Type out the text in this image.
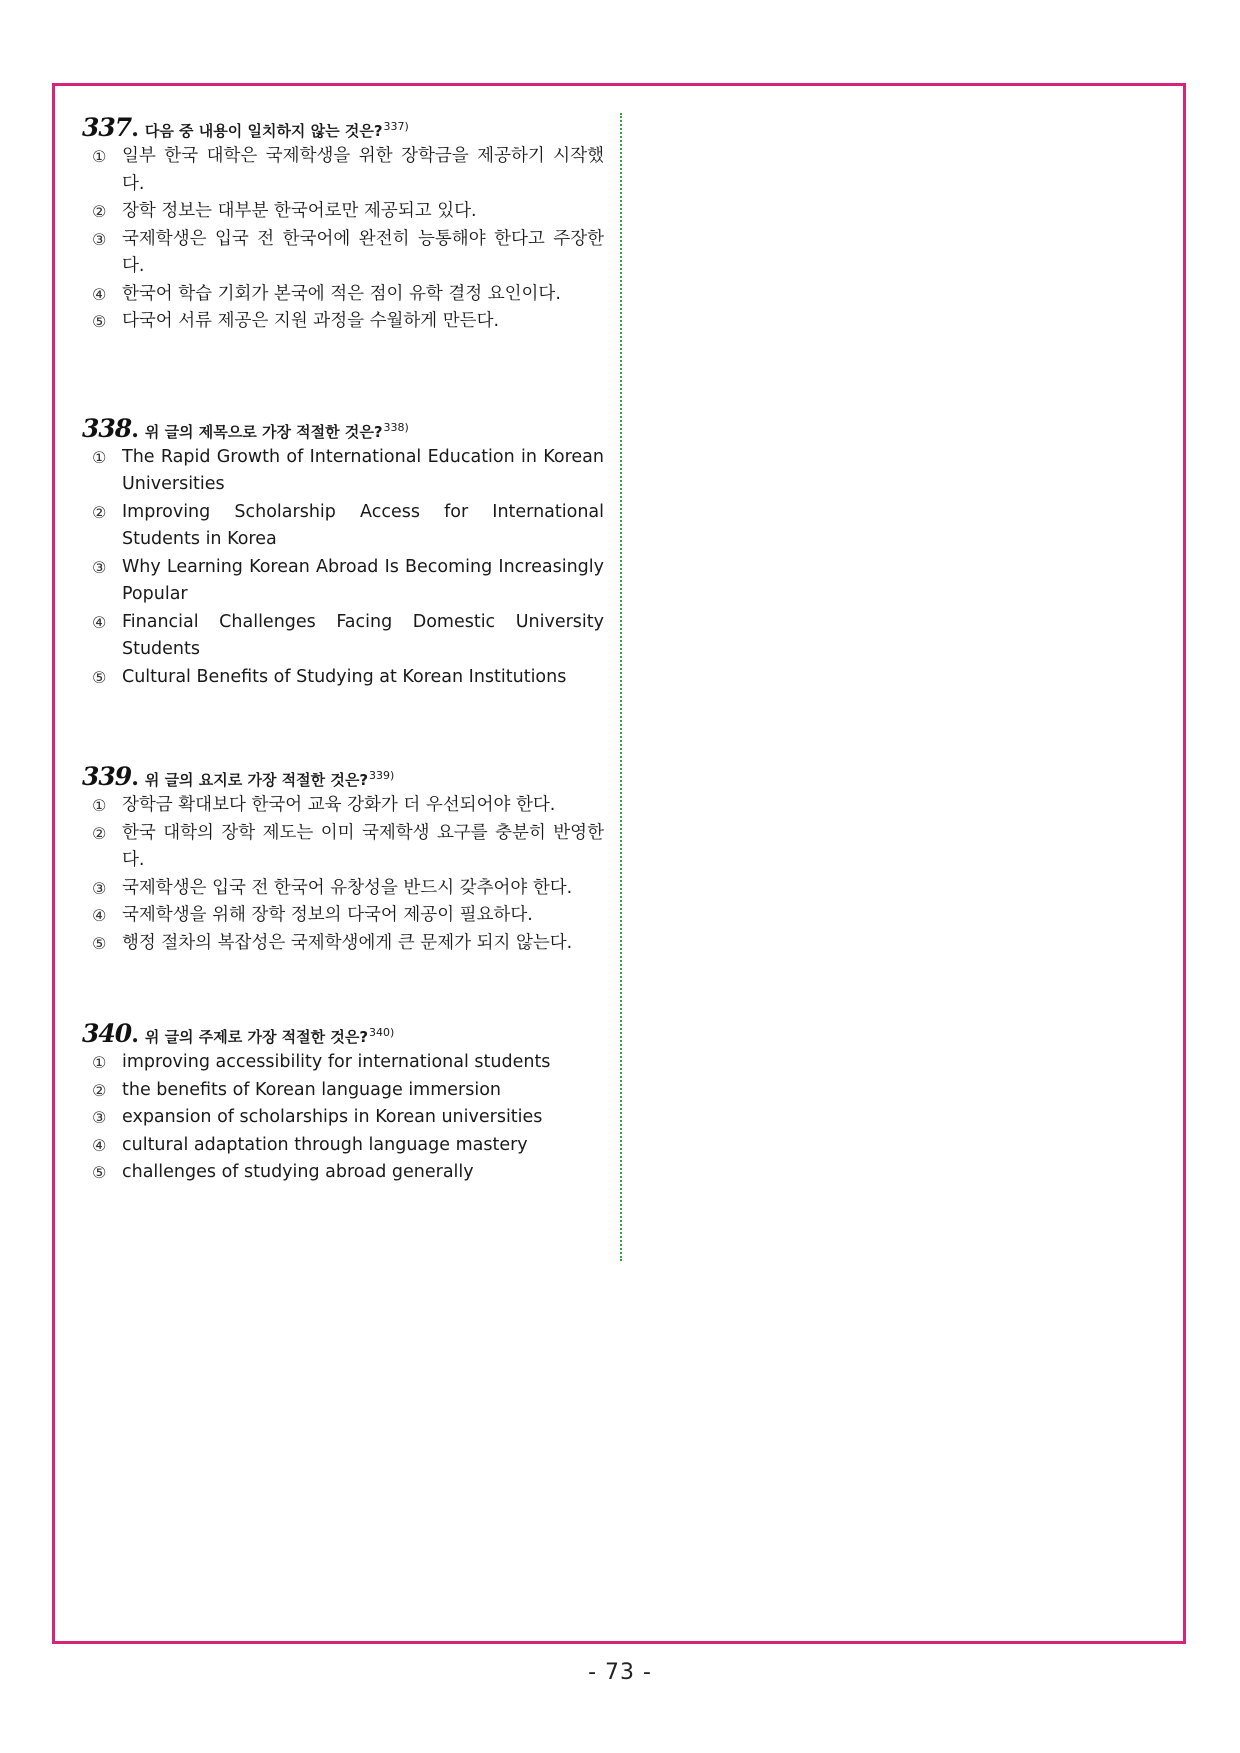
337 . 다음 중 내용이 일치하지 않는 것은? 337)
① 일부 한국 대학은 국제학생을 위한 장학금을 제공하기 시작했다.
② 장학 정보는 대부분 한국어로만 제공되고 있다.
③ 국제학생은 입국 전 한국어에 완전히 능통해야 한다고 주장한다.
④ 한국어 학습 기회가 본국에 적은 점이 유학 결정 요인이다.
⑤ 다국어 서류 제공은 지원 과정을 수월하게 만든다.
338 . 위 글의 제목으로 가장 적절한 것은? 338)
① The Rapid Growth of International Education in Korean Universities
② Improving Scholarship Access for International Students in Korea
③ Why Learning Korean Abroad Is Becoming Increasingly Popular
④ Financial Challenges Facing Domestic University Students
⑤ Cultural Benefits of Studying at Korean Institutions
339 . 위 글의 요지로 가장 적절한 것은? 339)
① 장학금 확대보다 한국어 교육 강화가 더 우선되어야 한다.
② 한국 대학의 장학 제도는 이미 국제학생 요구를 충분히 반영한다.
③ 국제학생은 입국 전 한국어 유창성을 반드시 갖추어야 한다.
④ 국제학생을 위해 장학 정보의 다국어 제공이 필요하다.
⑤ 행정 절차의 복잡성은 국제학생에게 큰 문제가 되지 않는다.
340 . 위 글의 주제로 가장 적절한 것은? 340)
① improving accessibility for international students
② the benefits of Korean language immersion
③ expansion of scholarships in Korean universities
④ cultural adaptation through language mastery
⑤ challenges of studying abroad generally
- 73 -
